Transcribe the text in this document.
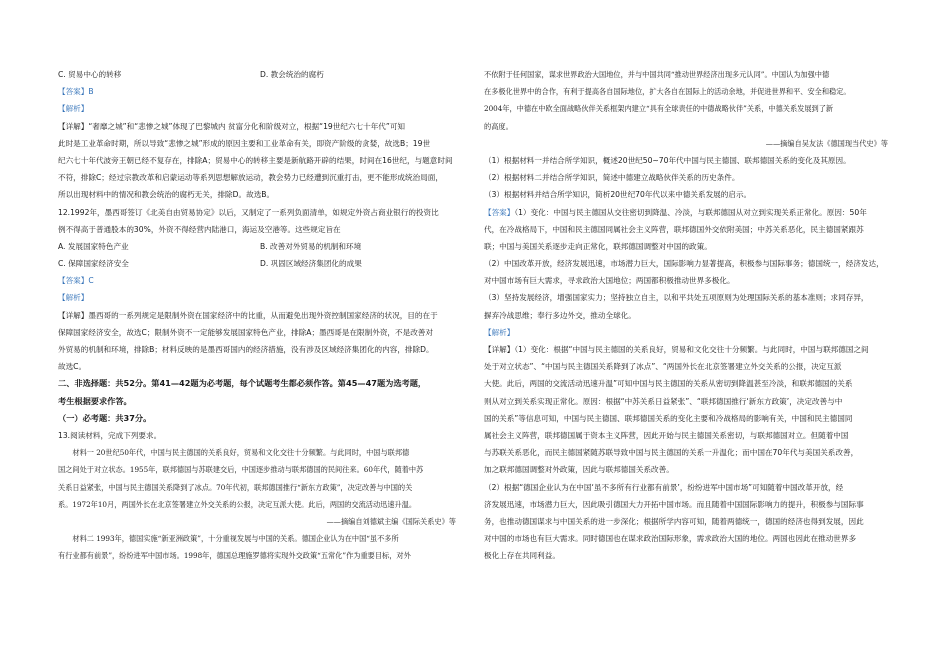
C. 贸易中心的转移	D. 教会统治的腐朽
【答案】B
【解析】
【详解】“奢靡之城”和“悲惨之城”体现了巴黎城内 贫富分化和阶级对立，根据“19世纪六七十年代”可知
此时是工业革命时期，所以导致“悲惨之城”形成的原因主要和工业革命有关，即资产阶级的贪婪，故选B；19世
纪六七十年代波旁王朝已经不复存在，排除A；贸易中心的转移主要是新航路开辟的结果，时间在16世纪，与题意时间
不符，排除C；经过宗教改革和启蒙运动等系列思想解放运动，教会势力已经遭到沉重打击，更不能形成统治局面，
所以出现材料中的情况和教会统治的腐朽无关，排除D。故选B。
12.1992年，墨西哥签订《北美自由贸易协定》以后，又制定了一系列负面清单，如规定外资占商业银行的投资比
例不得高于普通股本的30%，外资不得经营内陆港口，海运及空港等。这些规定旨在
A. 发展国家特色产业	B. 改善对外贸易的机制和环境
C. 保障国家经济安全	D. 巩固区域经济集团化的成果
【答案】C
【解析】
【详解】墨西哥的一系列规定是限制外资在国家经济中的比重，从而避免出现外资控制国家经济的状况，目的在于
保障国家经济安全，故选C；限制外资不一定能够发展国家特色产业，排除A；墨西哥是在限制外资，不是改善对
外贸易的机制和环境，排除B；材料反映的是墨西哥国内的经济措施，没有涉及区域经济集团化的内容，排除D。
故选C。
二、非选择题：共52分。第41—42题为必考题，每个试题考生都必须作答。第45—47题为选考题，
考生根据要求作答。
（一）必考题：共37分。
13.阅读材料，完成下列要求。
材料一 20世纪50年代，中国与民主德国的关系良好，贸易和文化交往十分频繁。与此同时，中国与联邦德
国之间处于对立状态。1955年，联邦德国与苏联建交后，中国逐步推动与联邦德国的民间往来。60年代，随着中苏
关系日益紧张，中国与民主德国关系降到了冰点。70年代初，联邦德国推行“新东方政策”，决定改善与中国的关
系。1972年10月，两国外长在北京签署建立外交关系的公报，决定互派大使。此后，两国的交流活动迅速升温。
——摘编自刘德斌主编《国际关系史》等
材料二 1993年，德国实施“新亚洲政策”，十分重视发展与中国的关系。德国企业认为在中国“虽不多所
有行业都有前景”，纷纷进军中国市场。1998年，德国总理施罗德将实现外交政策“五常化”作为重要目标，对外
不依附于任何国家，谋求世界政治大国地位，并与中国共同“推动世界经济出现多元认同”。中国认为加强中德
在多极化世界中的合作，有利于提高各自国际地位，扩大各自在国际上的活动余地，并促进世界和平、安全和稳定。
2004年，中德在中欧全面战略伙伴关系框架内建立“具有全球责任的中德战略伙伴”关系，中德关系发展到了新
的高度。
——摘编自吴友法《德国现当代史》等
（1）根据材料一并结合所学知识，概述20世纪50~70年代中国与民主德国、联邦德国关系的变化及其原因。
（2）根据材料二并结合所学知识，简述中德建立战略伙伴关系的历史条件。
（3）根据材料并结合所学知识，简析20世纪70年代以来中德关系发展的启示。
【答案】（1）变化：中国与民主德国从交往密切到降温、冷淡，与联邦德国从对立到实现关系正常化。原因：50年
代，在冷战格局下，中国和民主德国同属社会主义阵营，联邦德国外交依附美国；中苏关系恶化，民主德国紧跟苏
联；中国与美国关系逐步走向正常化，联邦德国调整对中国的政策。
（2）中国改革开放，经济发展迅速，市场潜力巨大，国际影响力显著提高，积极参与国际事务；德国统一，经济发达，
对中国市场有巨大需求，寻求政治大国地位；两国都积极推动世界多极化。
（3）坚持发展经济，增强国家实力；坚持独立自主，以和平共处五项原则为处理国际关系的基本准则；求同存异，
摒弃冷战思维；奉行多边外交，推动全球化。
【解析】
【详解】（1）变化：根据“中国与民主德国的关系良好，贸易和文化交往十分频繁。与此同时，中国与联邦德国之间
处于对立状态”、“中国与民主德国关系降到了冰点”、“两国外长在北京签署建立外交关系的公报，决定互派
大使。此后，两国的交流活动迅速升温”可知中国与民主德国的关系从密切到降温甚至冷淡，和联邦德国的关系
则从对立到关系实现正常化。原因：根据“中苏关系日益紧张”、“联邦德国推行‘新东方政策’，决定改善与中
国的关系”等信息可知，中国与民主德国、联邦德国关系的变化主要和冷战格局的影响有关，中国和民主德国同
属社会主义阵营，联邦德国属于资本主义阵营，因此开始与民主德国关系密切，与联邦德国对立。但随着中国
与苏联关系恶化，而民主德国紧随苏联导致中国与民主德国的关系一升温化；而中国在70年代与美国关系改善，
加之联邦德国调整对外政策，因此与联邦德国关系改善。
（2）根据“德国企业认为在中国‘虽不多所有行业都有前景’，纷纷进军中国市场”可知随着中国改革开放，经
济发展迅速，市场潜力巨大，因此吸引德国大力开拓中国市场。而且随着中国国际影响力的提升，积极参与国际事
务，也推动德国谋求与中国关系的进一步深化；根据所学内容可知，随着两德统一，德国的经济也得到发展，因此
对中国的市场也有巨大需求。同时德国也在谋求政治国际形象，需求政治大国的地位。两国也因此在推动世界多
极化上存在共同利益。
